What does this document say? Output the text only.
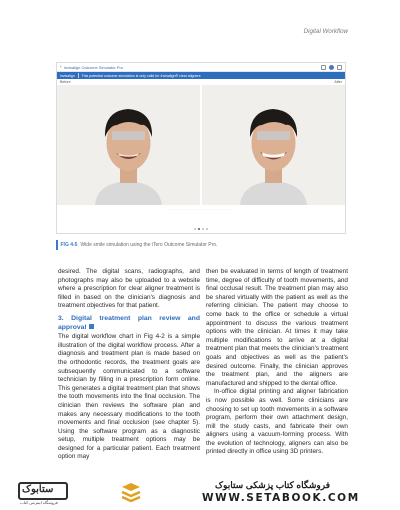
Digital Workflow
‹ Invisalign Outcome Simulator Pro
invisalign This potential outcome simulation is only valid for Invisalign® clear aligners
Before	After
· · · · · · · · · · · · · · · · · · · · · · · · · · · · · · · · · · · · · · · · · ·
FIG 4-5 Wide smile simulation using the iTero Outcome Simulator Pro.

desired. The digital scans, radiographs, and photographs may also be uploaded to a website where a prescription for clear aligner treatment is filled in based on the clinician's diagnosis and treatment objectives for that patient.

3. Digital treatment plan review and approval

The digital workflow chart in Fig 4-2 is a simple illustration of the digital workflow process. After a diagnosis and treatment plan is made based on the orthodontic records, the treatment goals are subsequently communicated to a software technician by filling in a prescription form online. This generates a digital treatment plan that shows the tooth movements into the final occlusion. The clinician then reviews the software plan and makes any necessary modifications to the tooth movements and final occlusion (see chapter 5). Using the software program as a diagnostic setup, multiple treatment options may be designed for a particular patient. Each treatment option may

then be evaluated in terms of length of treatment time, degree of difficulty of tooth movements, and final occlusal result. The treatment plan may also be shared virtually with the patient as well as the referring clinician. The patient may choose to come back to the office or schedule a virtual appointment to discuss the various treatment options with the clinician. At times it may take multiple modifications to arrive at a digital treatment plan that meets the clinician's treatment goals and objectives as well as the patient's desired outcome. Finally, the clinician approves the treatment plan, and the aligners are manufactured and shipped to the dental office.

In-office digital printing and aligner fabrication is now possible as well. Some clinicians are choosing to set up tooth movements in a software program, perform their own attachment design, mill the study casts, and fabricate their own aligners using a vacuum-forming process. With the evolution of technology, aligners can also be printed directly in office using 3D printers.

ستابوک
فروشگاه اینترنتی کتاب
فروشگاه کتاب پزشکی ستابوک
WWW.SETABOOK.COM
